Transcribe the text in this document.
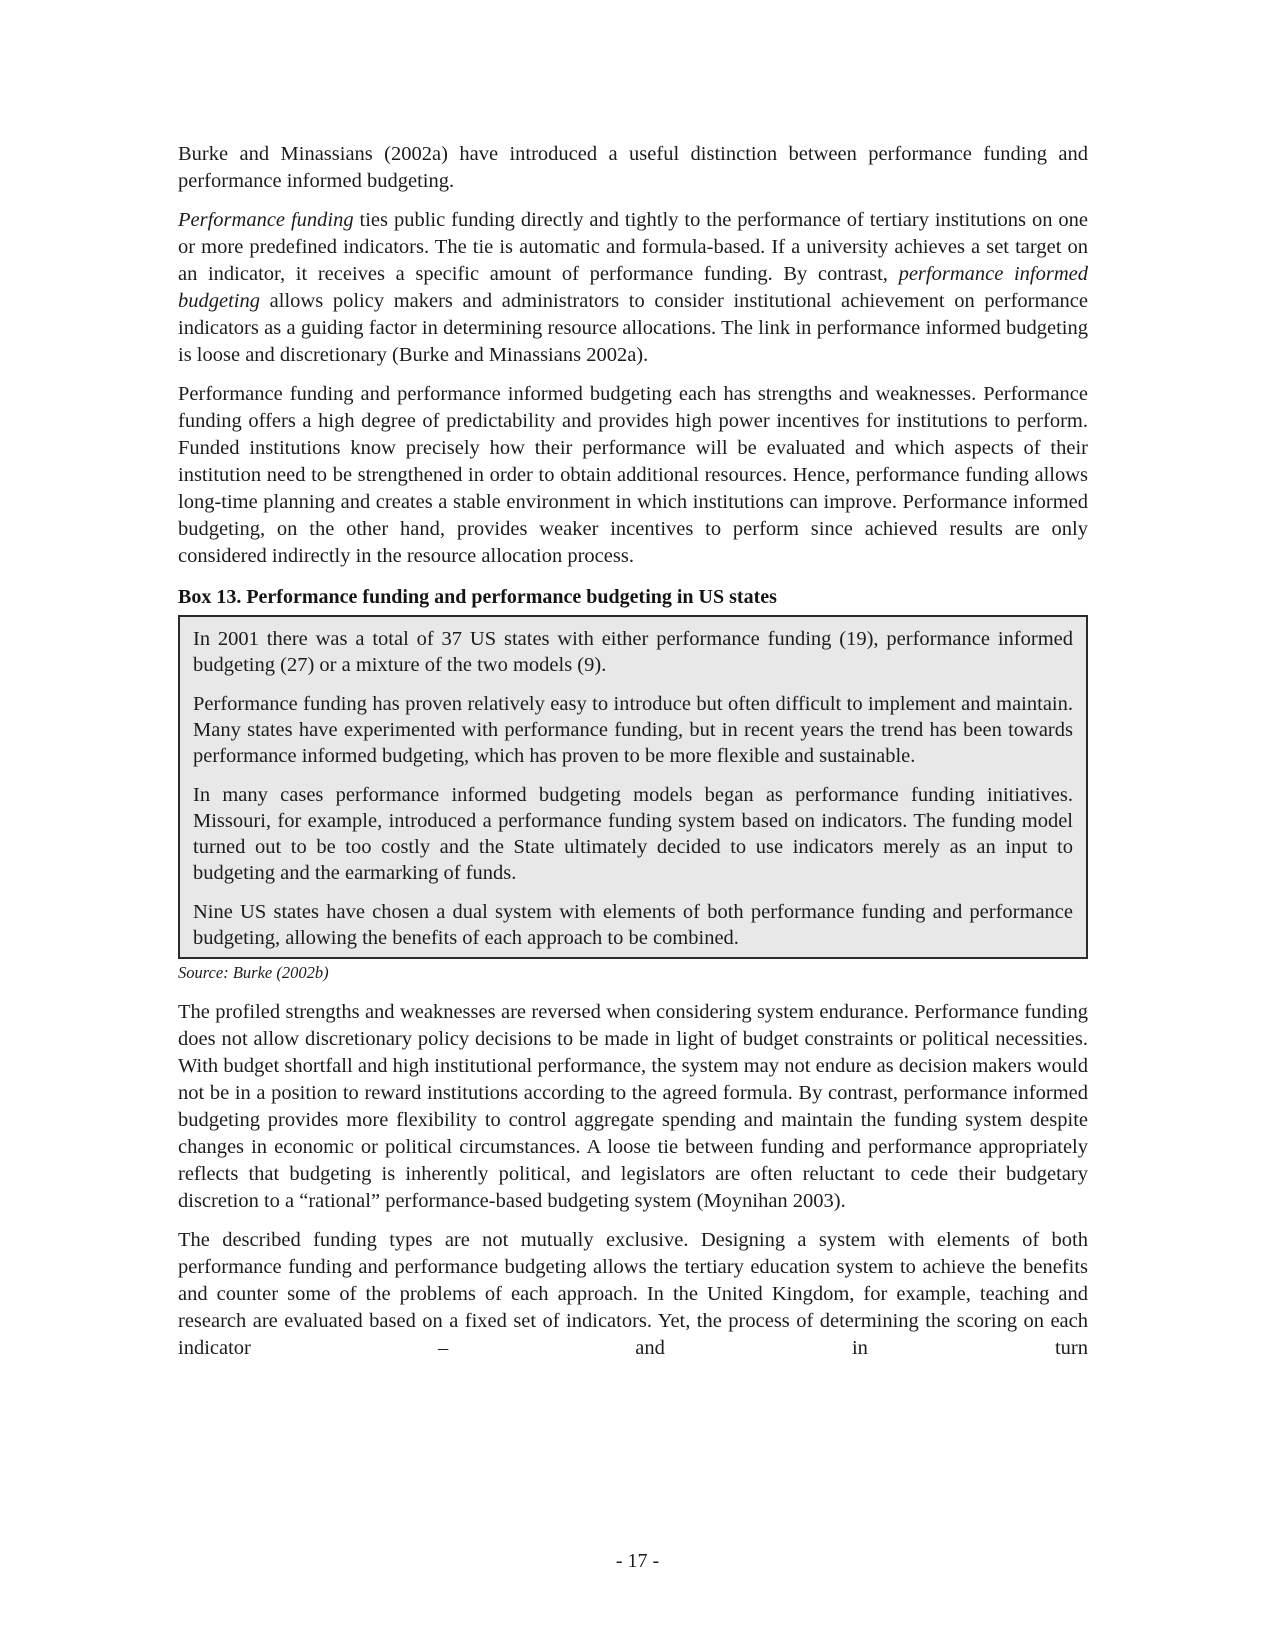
Burke and Minassians (2002a) have introduced a useful distinction between performance funding and performance informed budgeting.

Performance funding ties public funding directly and tightly to the performance of tertiary institutions on one or more predefined indicators. The tie is automatic and formula-based. If a university achieves a set target on an indicator, it receives a specific amount of performance funding. By contrast, performance informed budgeting allows policy makers and administrators to consider institutional achievement on performance indicators as a guiding factor in determining resource allocations. The link in performance informed budgeting is loose and discretionary (Burke and Minassians 2002a).

Performance funding and performance informed budgeting each has strengths and weaknesses. Performance funding offers a high degree of predictability and provides high power incentives for institutions to perform. Funded institutions know precisely how their performance will be evaluated and which aspects of their institution need to be strengthened in order to obtain additional resources. Hence, performance funding allows long-time planning and creates a stable environment in which institutions can improve. Performance informed budgeting, on the other hand, provides weaker incentives to perform since achieved results are only considered indirectly in the resource allocation process.

Box 13. Performance funding and performance budgeting in US states

In 2001 there was a total of 37 US states with either performance funding (19), performance informed budgeting (27) or a mixture of the two models (9).

Performance funding has proven relatively easy to introduce but often difficult to implement and maintain. Many states have experimented with performance funding, but in recent years the trend has been towards performance informed budgeting, which has proven to be more flexible and sustainable.

In many cases performance informed budgeting models began as performance funding initiatives. Missouri, for example, introduced a performance funding system based on indicators. The funding model turned out to be too costly and the State ultimately decided to use indicators merely as an input to budgeting and the earmarking of funds.

Nine US states have chosen a dual system with elements of both performance funding and performance budgeting, allowing the benefits of each approach to be combined.

Source: Burke (2002b)

The profiled strengths and weaknesses are reversed when considering system endurance. Performance funding does not allow discretionary policy decisions to be made in light of budget constraints or political necessities. With budget shortfall and high institutional performance, the system may not endure as decision makers would not be in a position to reward institutions according to the agreed formula. By contrast, performance informed budgeting provides more flexibility to control aggregate spending and maintain the funding system despite changes in economic or political circumstances. A loose tie between funding and performance appropriately reflects that budgeting is inherently political, and legislators are often reluctant to cede their budgetary discretion to a “rational” performance-based budgeting system (Moynihan 2003).

The described funding types are not mutually exclusive. Designing a system with elements of both performance funding and performance budgeting allows the tertiary education system to achieve the benefits and counter some of the problems of each approach. In the United Kingdom, for example, teaching and research are evaluated based on a fixed set of indicators. Yet, the process of determining the scoring on each indicator – and in turn

- 17 -
